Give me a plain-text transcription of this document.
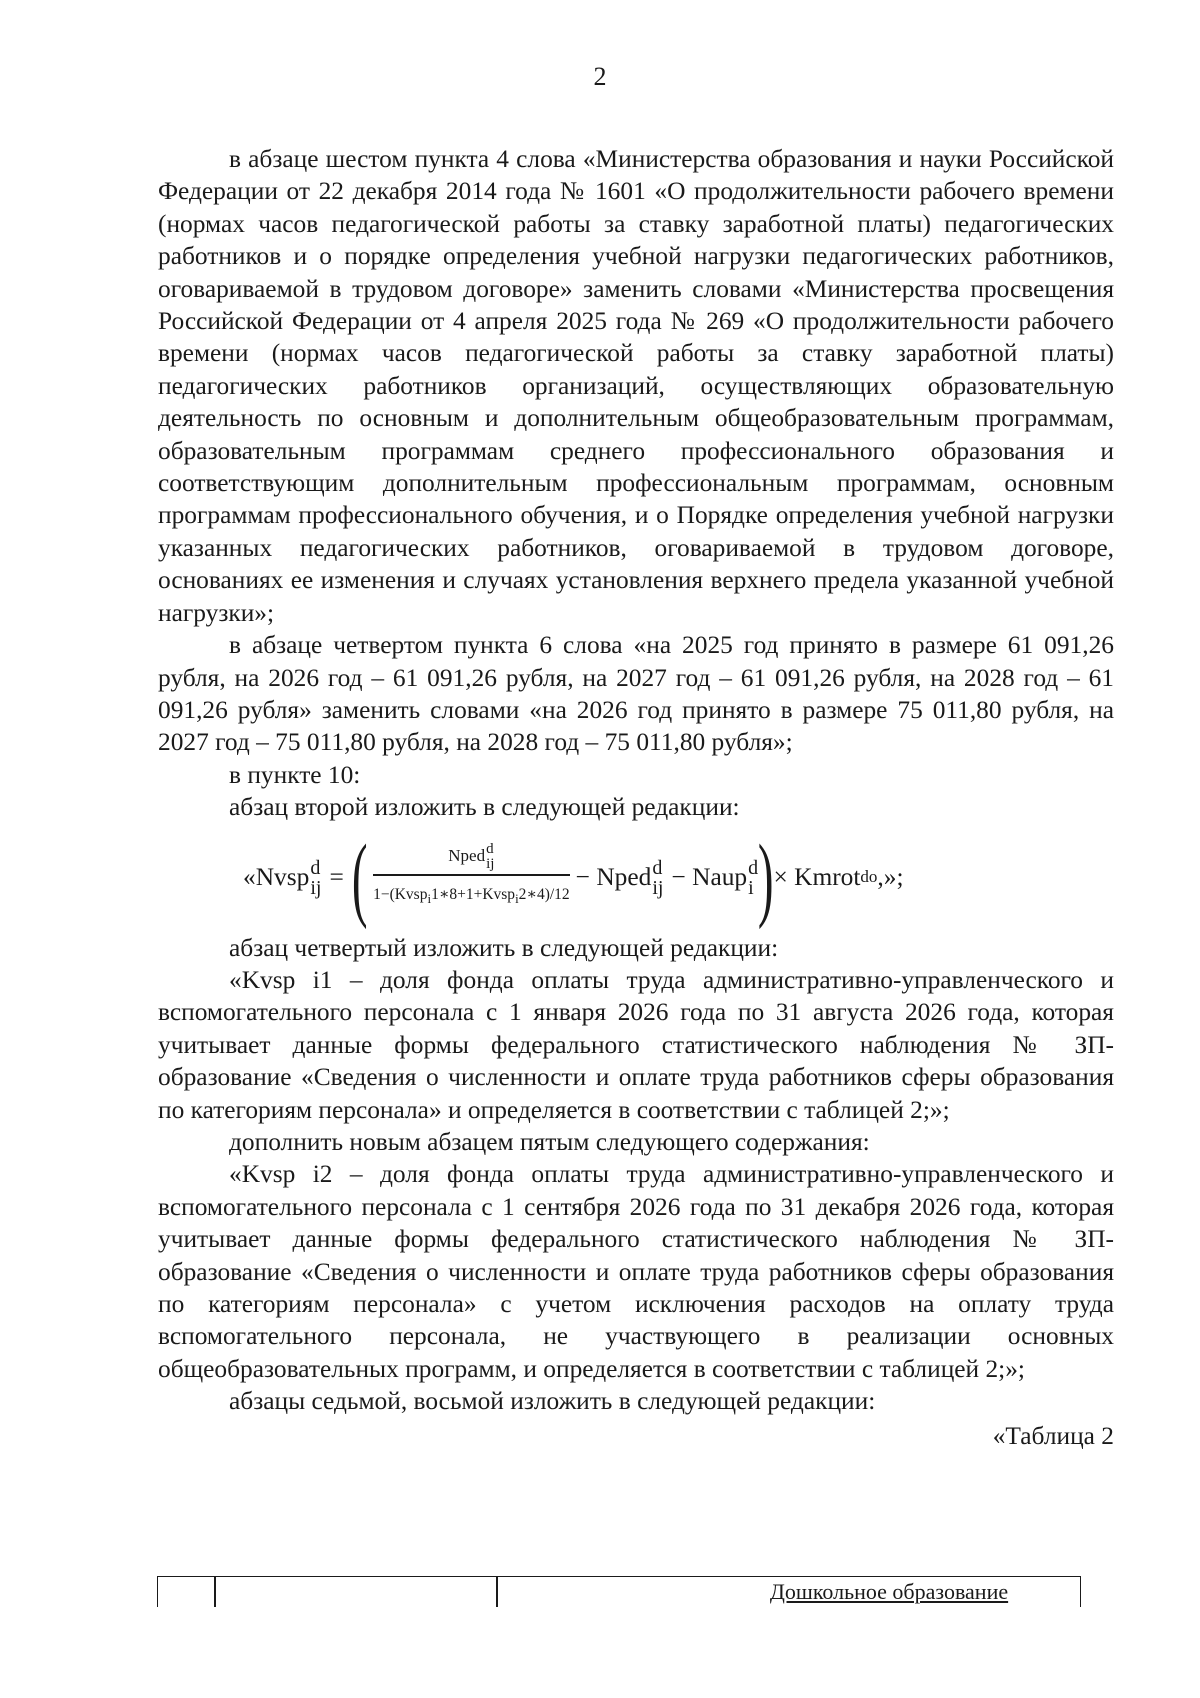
2

в абзаце шестом пункта 4 слова «Министерства образования и науки Российской Федерации от 22 декабря 2014 года № 1601 «О продолжительности рабочего времени (нормах часов педагогической работы за ставку заработной платы) педагогических работников и о порядке определения учебной нагрузки педагогических работников, оговариваемой в трудовом договоре» заменить словами «Министерства просвещения Российской Федерации от 4 апреля 2025 года № 269 «О продолжительности рабочего времени (нормах часов педагогической работы за ставку заработной платы) педагогических работников организаций, осуществляющих образовательную деятельность по основным и дополнительным общеобразовательным программам, образовательным программам среднего профессионального образования и соответствующим дополнительным профессиональным программам, основным программам профессионального обучения, и о Порядке определения учебной нагрузки указанных педагогических работников, оговариваемой в трудовом договоре, основаниях ее изменения и случаях установления верхнего предела указанной учебной нагрузки»;

в абзаце четвертом пункта 6 слова «на 2025 год принято в размере 61 091,26 рубля, на 2026 год – 61 091,26 рубля, на 2027 год – 61 091,26 рубля, на 2028 год – 61 091,26 рубля» заменить словами «на 2026 год принято в размере 75 011,80 рубля, на 2027 год – 75 011,80 рубля, на 2028 год – 75 011,80 рубля»;

в пункте 10:

абзац второй изложить в следующей редакции:

«Nvsp d
ij = ( Nped d
ij
1−(Kvsp$_i$1∗8+1+Kvsp$_i$2∗4)/12 − Nped d
ij − Naup d
i ) × Kmrot do ,»;

абзац четвертый изложить в следующей редакции:

«Kvsp i1 – доля фонда оплаты труда административно-управленческого и вспомогательного персонала с 1 января 2026 года по 31 августа 2026 года, которая учитывает данные формы федерального статистического наблюдения № ЗП-образование «Сведения о численности и оплате труда работников сферы образования по категориям персонала» и определяется в соответствии с таблицей 2;»;

дополнить новым абзацем пятым следующего содержания:

«Kvsp i2 – доля фонда оплаты труда административно-управленческого и вспомогательного персонала с 1 сентября 2026 года по 31 декабря 2026 года, которая учитывает данные формы федерального статистического наблюдения № ЗП-образование «Сведения о численности и оплате труда работников сферы образования по категориям персонала» с учетом исключения расходов на оплату труда вспомогательного персонала, не участвующего в реализации основных общеобразовательных программ, и определяется в соответствии с таблицей 2;»;

абзацы седьмой, восьмой изложить в следующей редакции:

«Таблица 2
Дошкольное образование
